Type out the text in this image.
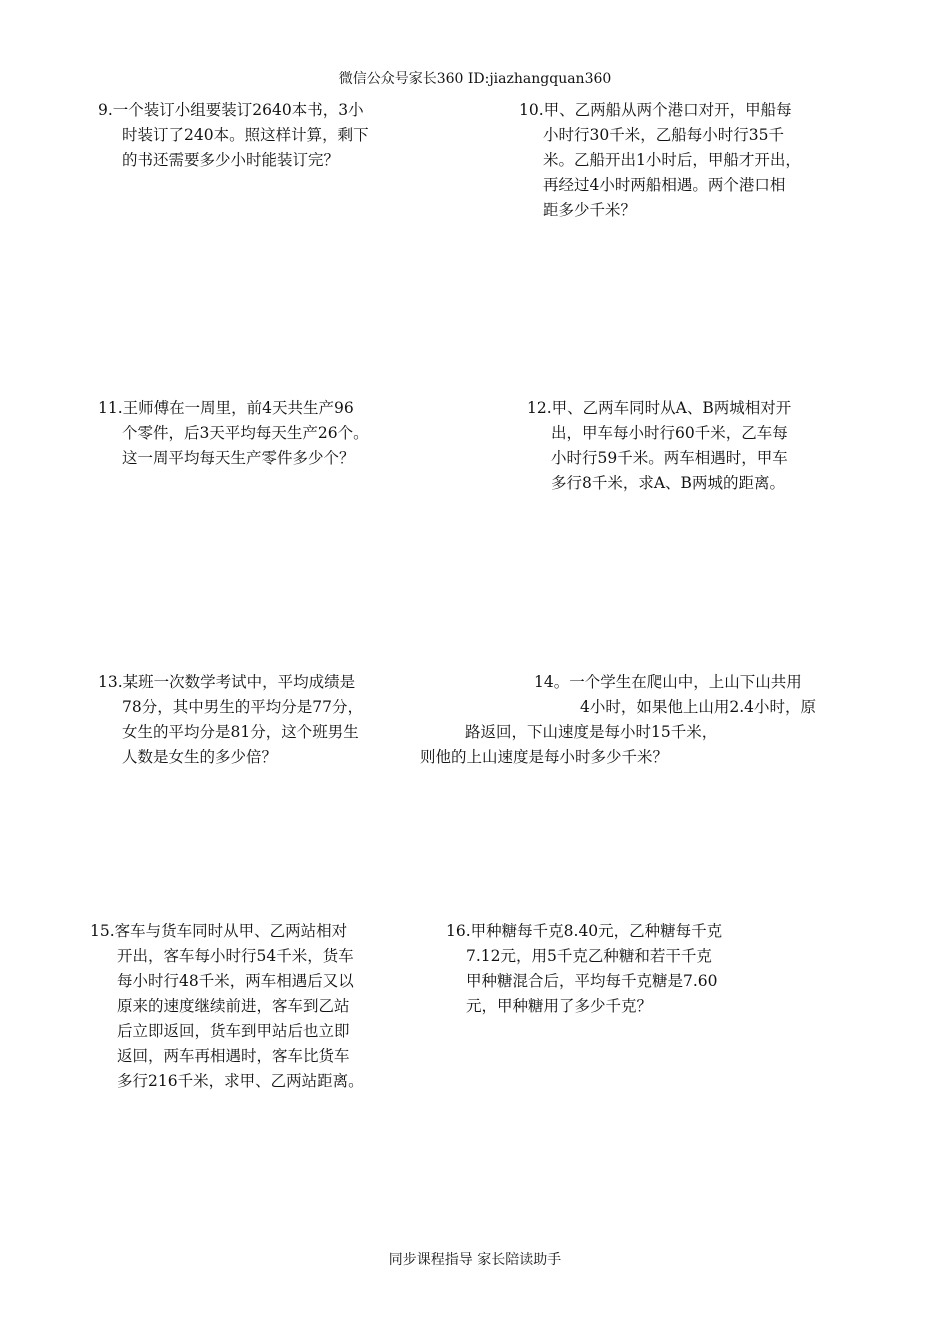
微信公众号家长360 ID:jiazhangquan360
9.一个装订小组要装订2640本书，3小
时装订了240本。照这样计算，剩下
的书还需要多少小时能装订完？
10.甲、乙两船从两个港口对开，甲船每
小时行30千米，乙船每小时行35千
米。乙船开出1小时后，甲船才开出，
再经过4小时两船相遇。两个港口相
距多少千米？
11.王师傅在一周里，前4天共生产96
个零件，后3天平均每天生产26个。
这一周平均每天生产零件多少个？
12.甲、乙两车同时从A、B两城相对开
出，甲车每小时行60千米，乙车每
小时行59千米。两车相遇时，甲车
多行8千米，求A、B两城的距离。
13.某班一次数学考试中，平均成绩是
78分，其中男生的平均分是77分，
女生的平均分是81分，这个班男生
人数是女生的多少倍？
14。一个学生在爬山中，上山下山共用
4小时，如果他上山用2.4小时，原
路返回，下山速度是每小时15千米，
则他的上山速度是每小时多少千米？
15.客车与货车同时从甲、乙两站相对
开出，客车每小时行54千米，货车
每小时行48千米，两车相遇后又以
原来的速度继续前进，客车到乙站
后立即返回，货车到甲站后也立即
返回，两车再相遇时，客车比货车
多行216千米，求甲、乙两站距离。
16.甲种糖每千克8.40元，乙种糖每千克
7.12元，用5千克乙种糖和若干千克
甲种糖混合后，平均每千克糖是7.60
元，甲种糖用了多少千克？
同步课程指导 家长陪读助手
